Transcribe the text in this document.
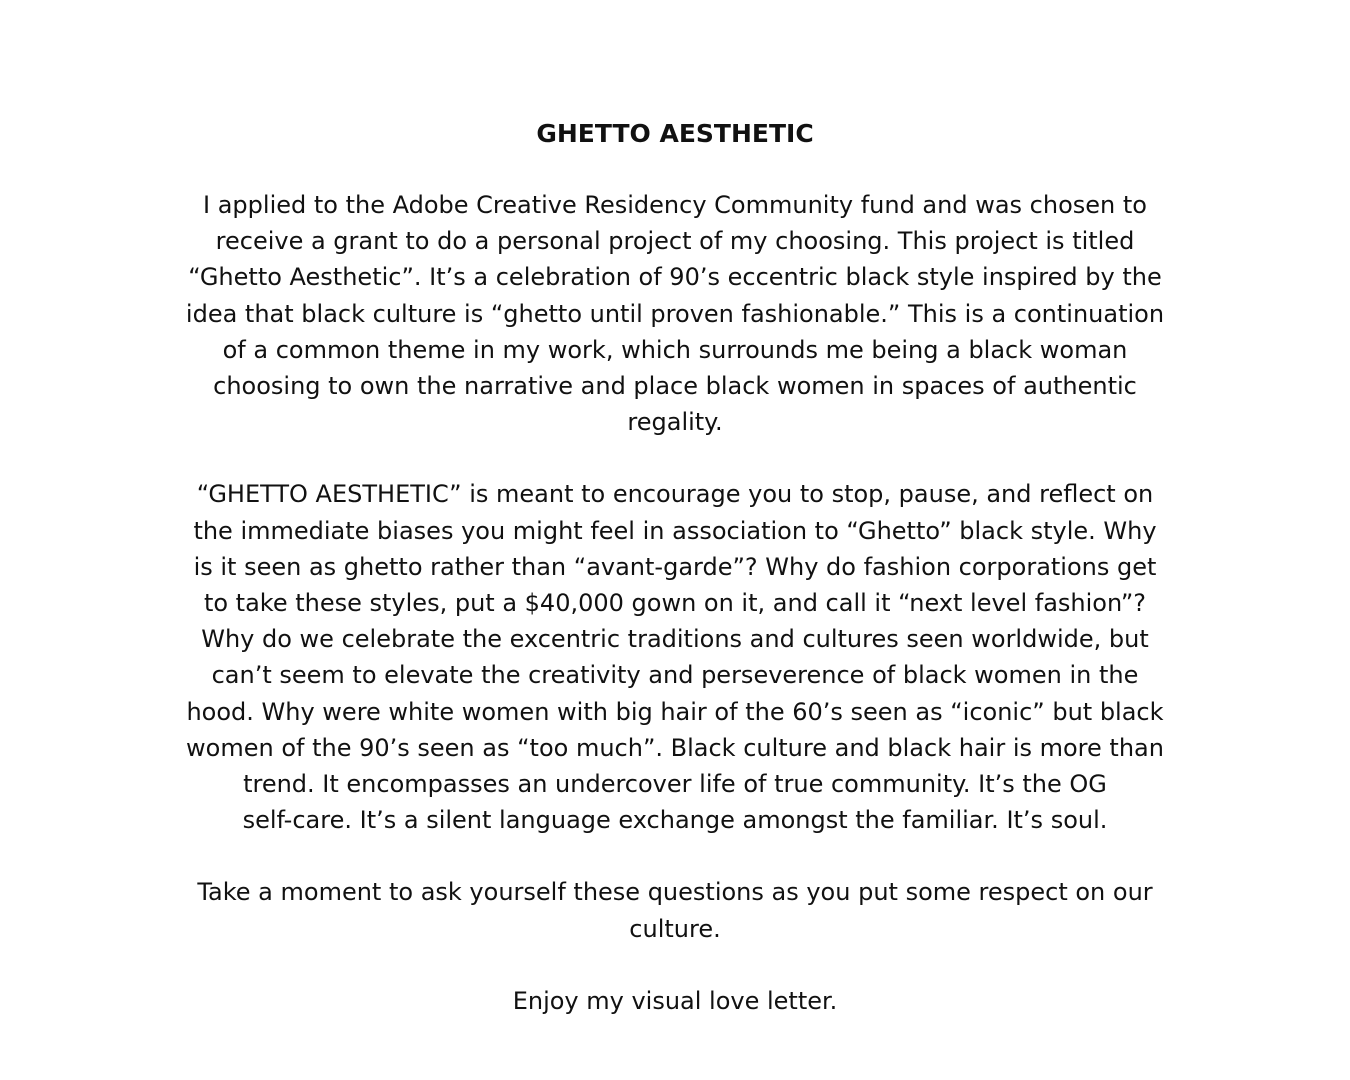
GHETTO AESTHETIC
I applied to the Adobe Creative Residency Community fund and was chosen to
receive a grant to do a personal project of my choosing. This project is titled
“Ghetto Aesthetic”. It’s a celebration of 90’s eccentric black style inspired by the
idea that black culture is “ghetto until proven fashionable.” This is a continuation
of a common theme in my work, which surrounds me being a black woman
choosing to own the narrative and place black women in spaces of authentic
regality.
“GHETTO AESTHETIC” is meant to encourage you to stop, pause, and reflect on
the immediate biases you might feel in association to “Ghetto” black style. Why
is it seen as ghetto rather than “avant-garde”? Why do fashion corporations get
to take these styles, put a $40,000 gown on it, and call it “next level fashion”?
Why do we celebrate the excentric traditions and cultures seen worldwide, but
can’t seem to elevate the creativity and perseverence of black women in the
hood. Why were white women with big hair of the 60’s seen as “iconic” but black
women of the 90’s seen as “too much”. Black culture and black hair is more than
trend. It encompasses an undercover life of true community. It’s the OG
self-care. It’s a silent language exchange amongst the familiar. It’s soul.
Take a moment to ask yourself these questions as you put some respect on our
culture.
Enjoy my visual love letter.
